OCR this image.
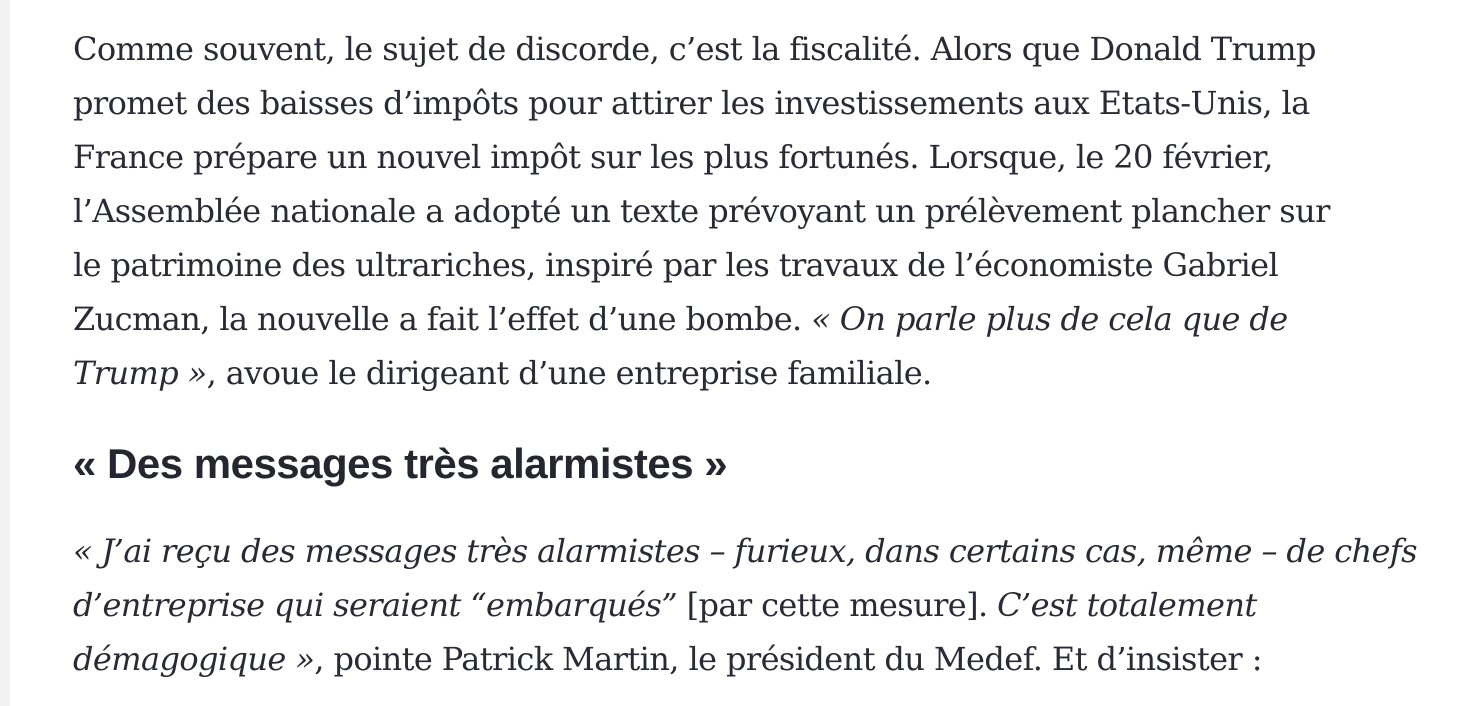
Comme souvent, le sujet de discorde, c’est la fiscalité. Alors que Donald Trump
promet des baisses d’impôts pour attirer les investissements aux Etats-Unis, la
France prépare un nouvel impôt sur les plus fortunés. Lorsque, le 20 février,
l’Assemblée nationale a adopté un texte prévoyant un prélèvement plancher sur
le patrimoine des ultrariches, inspiré par les travaux de l’économiste Gabriel
Zucman, la nouvelle a fait l’effet d’une bombe. « On parle plus de cela que de
Trump », avoue le dirigeant d’une entreprise familiale.

« Des messages très alarmistes »

« J’ai reçu des messages très alarmistes – furieux, dans certains cas, même – de chefs
d’entreprise qui seraient “embarqués” [par cette mesure]. C’est totalement
démagogique », pointe Patrick Martin, le président du Medef. Et d’insister :
